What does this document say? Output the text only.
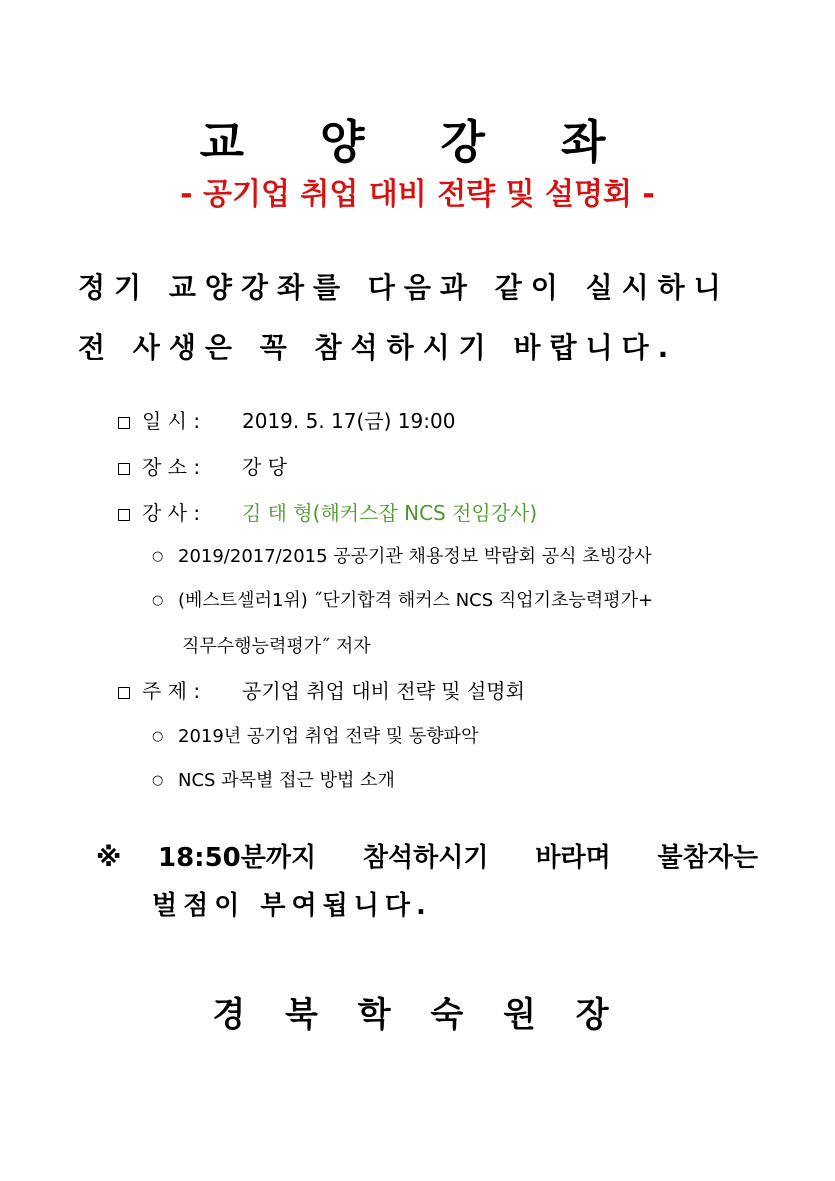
교 양 강 좌
- 공기업 취업 대비 전략 및 설명회 -
정기 교양강좌를 다음과 같이 실시하니
전 사생은 꼭 참석하시기 바랍니다.
일 시 : 2019. 5. 17(금) 19:00
장 소 : 강 당
강 사 : 김 태 형(해커스잡 NCS 전임강사)
○ 2019/2017/2015 공공기관 채용정보 박람회 공식 초빙강사
○ (베스트셀러1위) ˝단기합격 해커스 NCS 직업기초능력평가+
직무수행능력평가˝ 저자
주 제 : 공기업 취업 대비 전략 및 설명회
○ 2019년 공기업 취업 전략 및 동향파악
○ NCS 과목별 접근 방법 소개
※ 18:50분까지 참석하시기 바라며 불참자는
벌점이 부여됩니다.
경 북 학 숙 원 장
